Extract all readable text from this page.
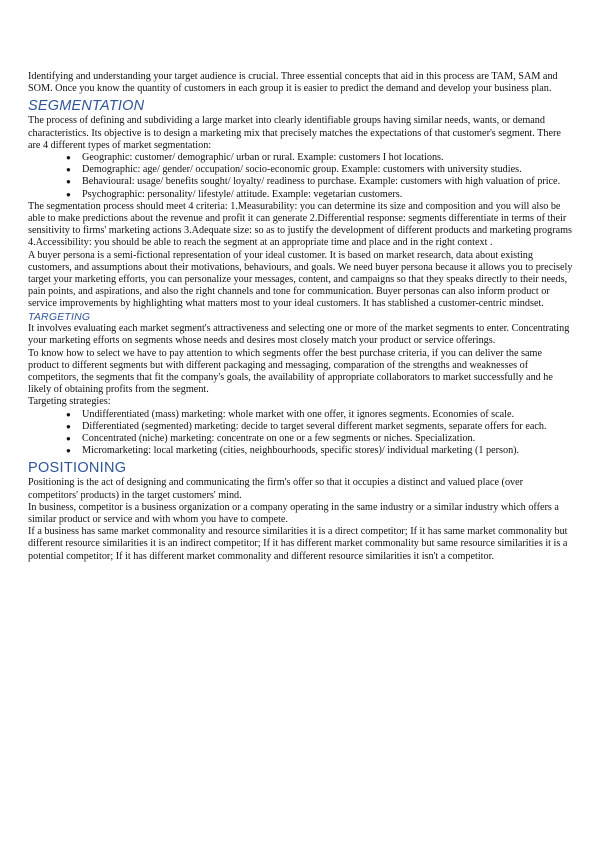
Identifying and understanding your target audience is crucial. Three essential concepts that aid in this process are TAM, SAM and SOM. Once you know the quantity of customers in each group it is easier to predict the demand and develop your business plan.

SEGMENTATION

The process of defining and subdividing a large market into clearly identifiable groups having similar needs, wants, or demand characteristics. Its objective is to design a marketing mix that precisely matches the expectations of that customer's segment. There are 4 different types of market segmentation:

● Geographic: customer/ demographic/ urban or rural. Example: customers I hot locations.
● Demographic: age/ gender/ occupation/ socio-economic group. Example: customers with university studies.
● Behavioural: usage/ benefits sought/ loyalty/ readiness to purchase. Example: customers with high valuation of price.
● Psychographic: personality/ lifestyle/ attitude. Example: vegetarian customers.

The segmentation process should meet 4 criteria: 1.Measurability: you can determine its size and composition and you will also be able to make predictions about the revenue and profit it can generate 2.Differential response: segments differentiate in terms of their sensitivity to firms' marketing actions 3.Adequate size: so as to justify the development of different products and marketing programs 4.Accessibility: you should be able to reach the segment at an appropriate time and place and in the right context .

A buyer persona is a semi-fictional representation of your ideal customer. It is based on market research, data about existing customers, and assumptions about their motivations, behaviours, and goals. We need buyer persona because it allows you to precisely target your marketing efforts, you can personalize your messages, content, and campaigns so that they speaks directly to their needs, pain points, and aspirations, and also the right channels and tone for communication. Buyer personas can also inform product or service improvements by highlighting what matters most to your ideal customers. It has stablished a customer-centric mindset.

TARGETING

It involves evaluating each market segment's attractiveness and selecting one or more of the market segments to enter. Concentrating your marketing efforts on segments whose needs and desires most closely match your product or service offerings.

To know how to select we have to pay attention to which segments offer the best purchase criteria, if you can deliver the same product to different segments but with different packaging and messaging, comparation of the strengths and weaknesses of competitors, the segments that fit the company's goals, the availability of appropriate collaborators to market successfully and he likely of obtaining profits from the segment.

Targeting strategies:

● Undifferentiated (mass) marketing: whole market with one offer, it ignores segments. Economies of scale.
● Differentiated (segmented) marketing: decide to target several different market segments, separate offers for each.
● Concentrated (niche) marketing: concentrate on one or a few segments or niches. Specialization.
● Micromarketing: local marketing (cities, neighbourhoods, specific stores)/ individual marketing (1 person).
POSITIONING

Positioning is the act of designing and communicating the firm's offer so that it occupies a distinct and valued place (over competitors' products) in the target customers' mind.

In business, competitor is a business organization or a company operating in the same industry or a similar industry which offers a similar product or service and with whom you have to compete.

If a business has same market commonality and resource similarities it is a direct competitor; If it has same market commonality but different resource similarities it is an indirect competitor; If it has different market commonality but same resource similarities it is a potential competitor; If it has different market commonality and different resource similarities it isn't a competitor.
